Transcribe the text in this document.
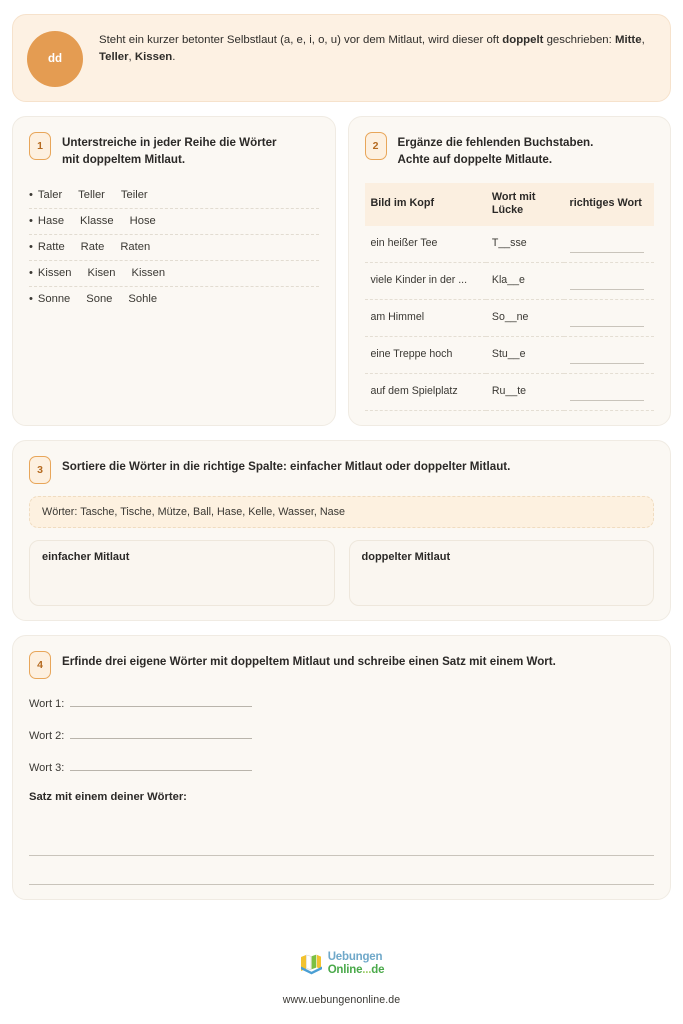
dd
Steht ein kurzer betonter Selbstlaut (a, e, i, o, u) vor dem Mitlaut, wird dieser oft doppelt geschrieben: Mitte, Teller, Kissen.
1	Unterstreiche in jeder Reihe die Wörter
mit doppeltem Mitlaut.
• Taler Teller Teiler
• Hase Klasse Hose
• Ratte Rate Raten
• Kissen Kisen Kissen
• Sonne Sone Sohle
2	Ergänze die fehlenden Buchstaben.
Achte auf doppelte Mitlaute.
Bild im Kopf	Wort mit Lücke	richtiges Wort
ein heißer Tee	T__sse	

viele Kinder in der ...	Kla__e	

am Himmel	So__ne	

eine Treppe hoch	Stu__e	

auf dem Spielplatz	Ru__te	
3	Sortiere die Wörter in die richtige Spalte: einfacher Mitlaut oder doppelter Mitlaut.
Wörter: Tasche, Tische, Mütze, Ball, Hase, Kelle, Wasser, Nase
einfacher Mitlaut	doppelter Mitlaut
4	Erfinde drei eigene Wörter mit doppeltem Mitlaut und schreibe einen Satz mit einem Wort.
Wort 1:
Wort 2:
Wort 3:
Satz mit einem deiner Wörter:
Uebungen
Online...de
www.uebungenonline.de
